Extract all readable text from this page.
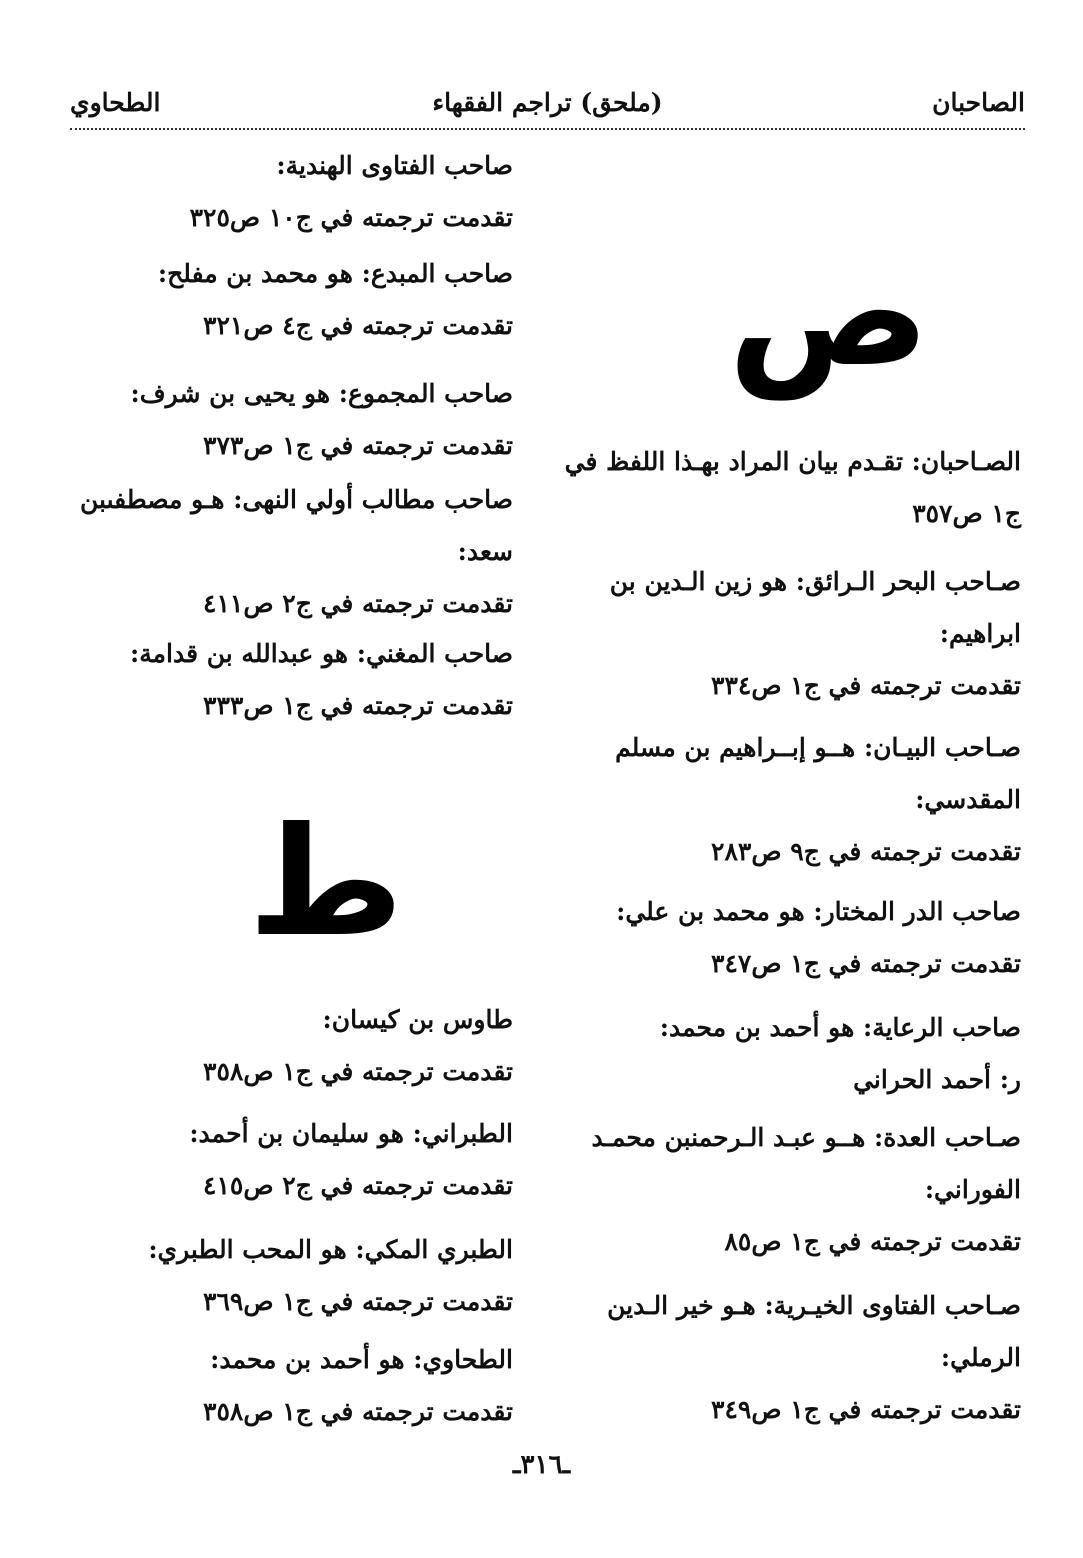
الصاحبان
(ملحق) تراجم الفقهاء
الطحاوي
ص
ط
الصـاحبان: تقـدم بيان المراد بهـذا اللفظ في
ج١ ص٣٥٧
صـاحب البحر الـرائق: هو زين الـدين بن
ابراهيم:
تقدمت ترجمته في ج١ ص٣٣٤
صـاحب البيـان: هــو إبــراهيم بن مسلم
المقدسي:
تقدمت ترجمته في ج٩ ص٢٨٣
صاحب الدر المختار: هو محمد بن علي:
تقدمت ترجمته في ج١ ص٣٤٧
صاحب الرعاية: هو أحمد بن محمد:
ر: أحمد الحراني
صـاحب العدة: هــو عبـد الـرحمنبن محمـد
الفوراني:
تقدمت ترجمته في ج١ ص٨٥
صـاحب الفتاوى الخيـرية: هـو خير الـدين
الرملي:
تقدمت ترجمته في ج١ ص٣٤٩
صاحب الفتاوى الهندية:
تقدمت ترجمته في ج١٠ ص٣٢٥
صاحب المبدع: هو محمد بن مفلح:
تقدمت ترجمته في ج٤ ص٣٢١
صاحب المجموع: هو يحيى بن شرف:
تقدمت ترجمته في ج١ ص٣٧٣
صاحب مطالب أولي النهى: هـو مصطفىبن
سعد:
تقدمت ترجمته في ج٢ ص٤١١
صاحب المغني: هو عبدالله بن قدامة:
تقدمت ترجمته في ج١ ص٣٣٣
طاوس بن كيسان:
تقدمت ترجمته في ج١ ص٣٥٨
الطبراني: هو سليمان بن أحمد:
تقدمت ترجمته في ج٢ ص٤١٥
الطبري المكي: هو المحب الطبري:
تقدمت ترجمته في ج١ ص٣٦٩
الطحاوي: هو أحمد بن محمد:
تقدمت ترجمته في ج١ ص٣٥٨
ـ٣١٦ـ
